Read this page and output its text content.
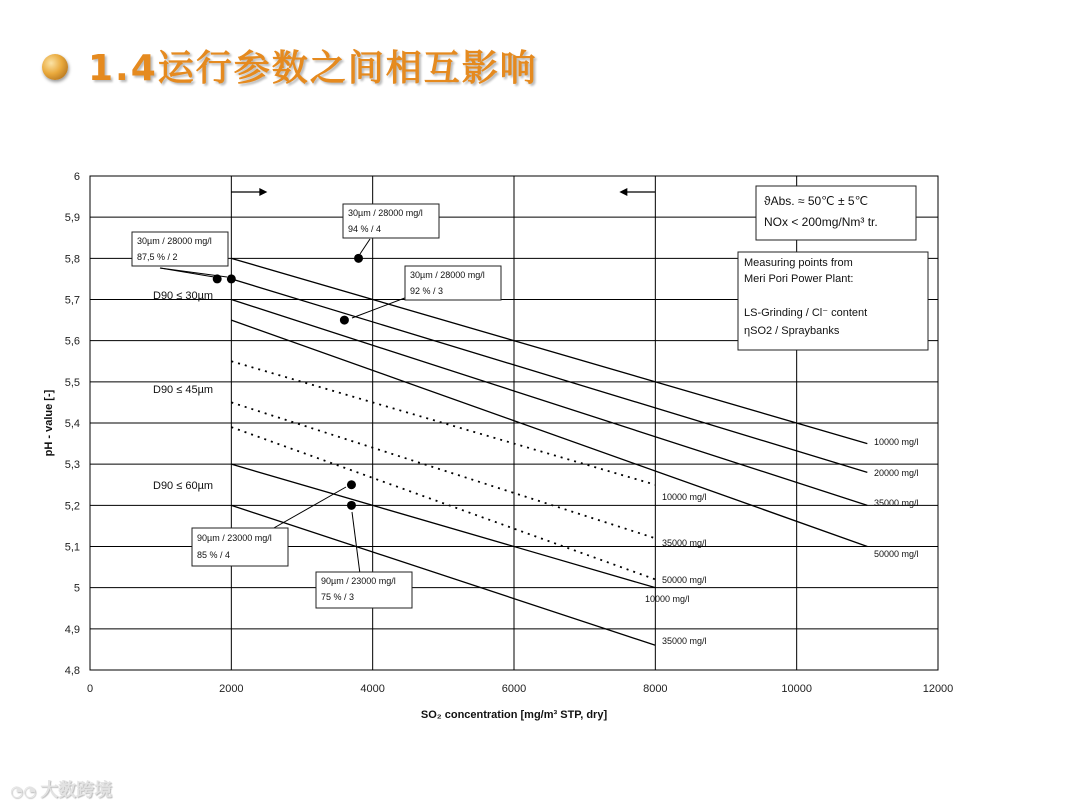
1.4运行参数之间相互影响
4,8
4,9
5
5,1
5,2
5,3
5,4
5,5
5,6
5,7
5,8
5,9
6
0	2000	4000	6000	8000	10000	12000
SO₂ concentration [mg/m³ STP, dry]
pH - value [-]
D90 ≤ 30µm
D90 ≤ 45µm
D90 ≤ 60µm
10000 mg/l
20000 mg/l
35000 mg/l
50000 mg/l
10000 mg/l
35000 mg/l
50000 mg/l
10000 mg/l
35000 mg/l
30µm / 28000 mg/l
87,5 % / 2
30µm / 28000 mg/l
94 % / 4
30µm / 28000 mg/l
92 % / 3
90µm / 23000 mg/l
85 % / 4
90µm / 23000 mg/l
75 % / 3
ϑAbs. ≈ 50℃ ± 5℃
NOx < 200mg/Nm³ tr.
Measuring points from
Meri Pori Power Plant:
LS-Grinding / Cl⁻ content
ηSO2 / Spraybanks
◔◔ 大数跨境
